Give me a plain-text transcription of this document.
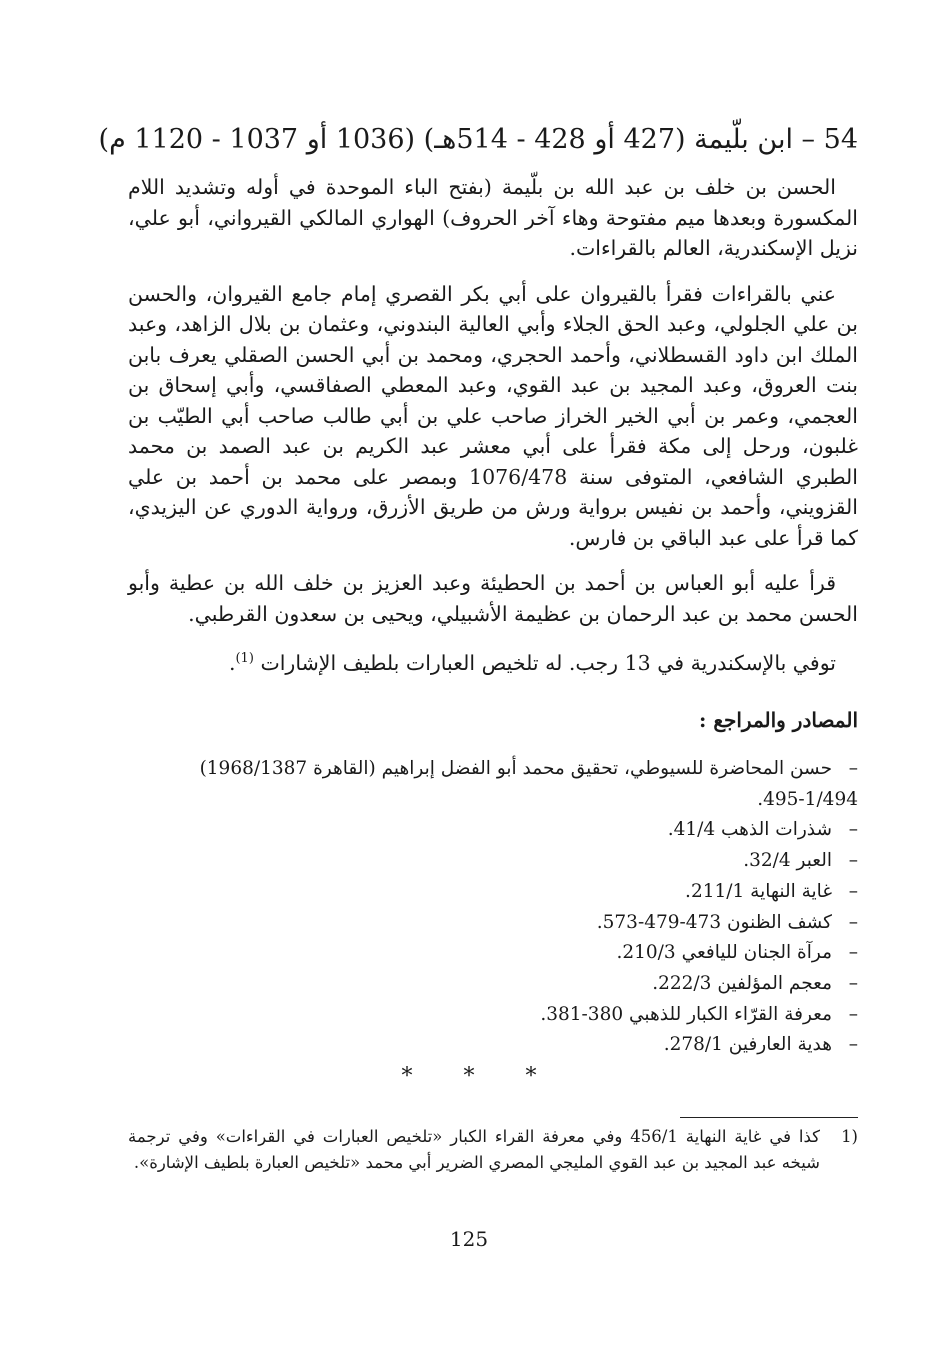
54 – ابن بلّيمة (427 أو 428 - 514هـ) (1036 أو 1037 - 1120 م)

الحسن بن خلف بن عبد الله بن بلّيمة (بفتح الباء الموحدة في أوله وتشديد اللام المكسورة وبعدها ميم مفتوحة وهاء آخر الحروف) الهواري المالكي القيرواني، أبو علي، نزيل الإسكندرية، العالم بالقراءات.

عني بالقراءات فقرأ بالقيروان على أبي بكر القصري إمام جامع القيروان، والحسن بن علي الجلولي، وعبد الحق الجلاء وأبي العالية البندوني، وعثمان بن بلال الزاهد، وعبد الملك ابن داود القسطلاني، وأحمد الحجري، ومحمد بن أبي الحسن الصقلي يعرف بابن بنت العروق، وعبد المجيد بن عبد القوي، وعبد المعطي الصفاقسي، وأبي إسحاق بن العجمي، وعمر بن أبي الخير الخراز صاحب علي بن أبي طالب صاحب أبي الطيّب بن غلبون، ورحل إلى مكة فقرأ على أبي معشر عبد الكريم بن عبد الصمد بن محمد الطبري الشافعي، المتوفى سنة 1076/478 وبمصر على محمد بن أحمد بن علي القزويني، وأحمد بن نفيس برواية ورش من طريق الأزرق، ورواية الدوري عن اليزيدي، كما قرأ على عبد الباقي بن فارس.

قرأ عليه أبو العباس بن أحمد بن الحطيئة وعبد العزيز بن خلف الله بن عطية وأبو الحسن محمد بن عبد الرحمان بن عظيمة الأشبيلي، ويحيى بن سعدون القرطبي.

توفي بالإسكندرية في 13 رجب. له تلخيص العبارات بلطيف الإشارات $^{(1)}$.

المصادر والمراجع :
–حسن المحاضرة للسيوطي، تحقيق محمد أبو الفضل إبراهيم (القاهرة 1968/1387) 1/494-495.
–شذرات الذهب 41/4.
–العبر 32/4.
–غاية النهاية 211/1.
–كشف الظنون 473-479-573.
–مرآة الجنان لليافعي 210/3.
–معجم المؤلفين 222/3.
–معرفة القرّاء الكبار للذهبي 380-381.
–هدية العارفين 278/1.
* * *
1)
كذا في غاية النهاية 456/1 وفي معرفة القراء الكبار «تلخيص العبارات في القراءات» وفي ترجمة شيخه عبد المجيد بن عبد القوي المليجي المصري الضرير أبي محمد «تلخيص العبارة بلطيف الإشارة».
125
